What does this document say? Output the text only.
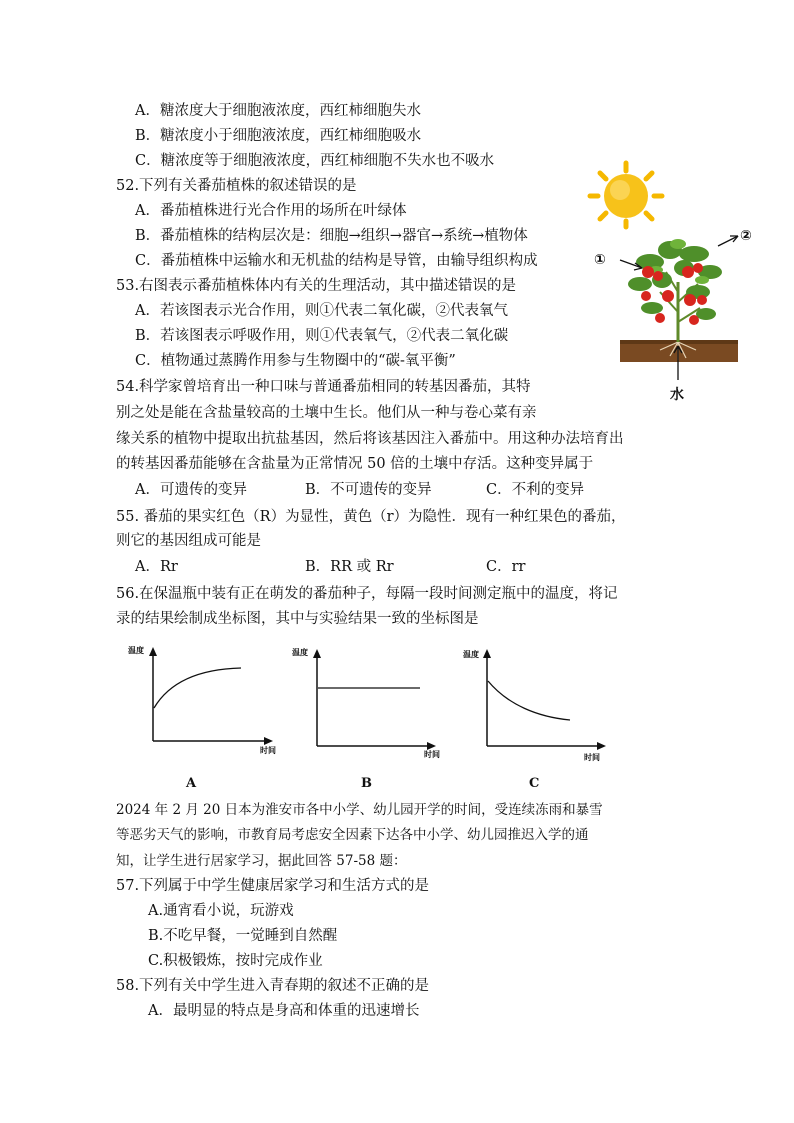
A．糖浓度大于细胞液浓度，西红柿细胞失水
B．糖浓度小于细胞液浓度，西红柿细胞吸水
C．糖浓度等于细胞液浓度，西红柿细胞不失水也不吸水
52.下列有关番茄植株的叙述错误的是
A．番茄植株进行光合作用的场所在叶绿体
B．番茄植株的结构层次是：细胞→组织→器官→系统→植物体
C．番茄植株中运输水和无机盐的结构是导管，由输导组织构成
53.右图表示番茄植株体内有关的生理活动，其中描述错误的是
A．若该图表示光合作用，则①代表二氧化碳，②代表氧气
B．若该图表示呼吸作用，则①代表氧气，②代表二氧化碳
C．植物通过蒸腾作用参与生物圈中的“碳-氧平衡”
①
②
水
54.科学家曾培育出一种口味与普通番茄相同的转基因番茄，其特
别之处是能在含盐量较高的土壤中生长。他们从一种与卷心菜有亲
缘关系的植物中提取出抗盐基因，然后将该基因注入番茄中。用这种办法培育出
的转基因番茄能够在含盐量为正常情况 50 倍的土壤中存活。这种变异属于
A．可遗传的变异	B．不可遗传的变异	C．不利的变异
55. 番茄的果实红色（R）为显性，黄色（r）为隐性．现有一种红果色的番茄，
则它的基因组成可能是
A．Rr	B．RR 或 Rr	C．rr
56.在保温瓶中装有正在萌发的番茄种子，每隔一段时间测定瓶中的温度，将记
录的结果绘制成坐标图，其中与实验结果一致的坐标图是
温度
时间
A
温度
时间
B
温度
时间
C
2024 年 2 月 20 日本为淮安市各中小学、幼儿园开学的时间，受连续冻雨和暴雪
等恶劣天气的影响，市教育局考虑安全因素下达各中小学、幼儿园推迟入学的通
知，让学生进行居家学习，据此回答 57-58 题：
57.下列属于中学生健康居家学习和生活方式的是
A.通宵看小说，玩游戏
B.不吃早餐，一觉睡到自然醒
C.积极锻炼，按时完成作业
58.下列有关中学生进入青春期的叙述不正确的是
A．最明显的特点是身高和体重的迅速增长
